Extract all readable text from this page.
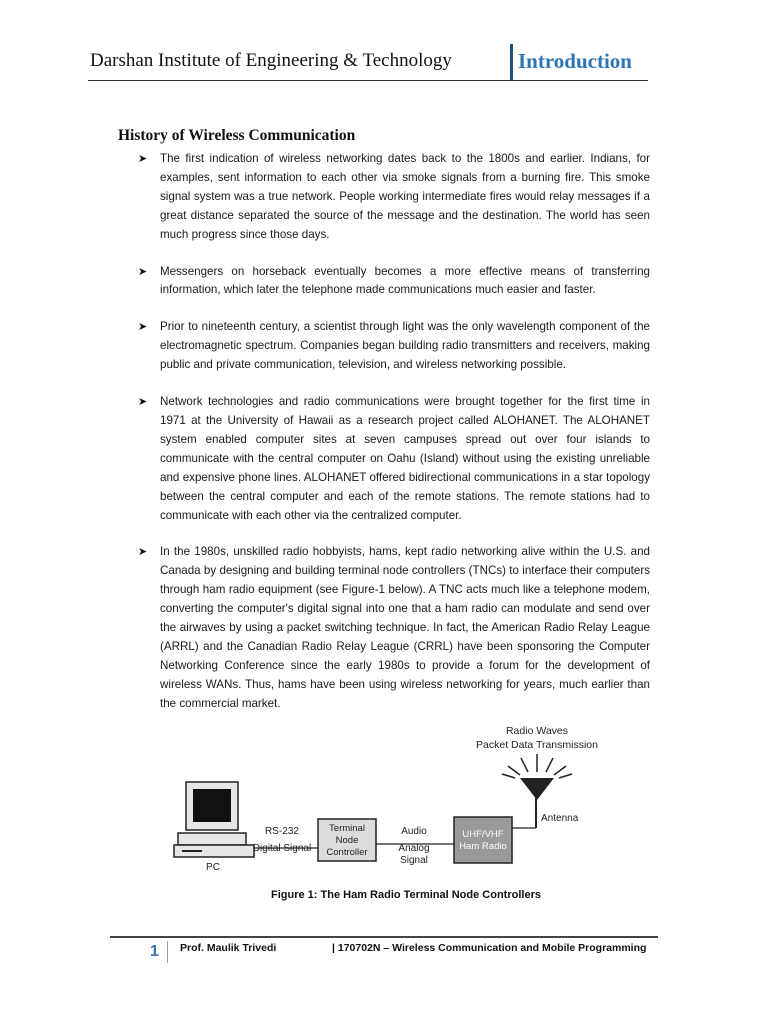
Darshan Institute of Engineering & Technology	Introduction
History of Wireless Communication
➤ The first indication of wireless networking dates back to the 1800s and earlier. Indians, for examples, sent information to each other via smoke signals from a burning fire. This smoke signal system was a true network. People working intermediate fires would relay messages if a great distance separated the source of the message and the destination. The world has seen much progress since those days.
➤ Messengers on horseback eventually becomes a more effective means of transferring information, which later the telephone made communications much easier and faster.
➤ Prior to nineteenth century, a scientist through light was the only wavelength component of the electromagnetic spectrum. Companies began building radio transmitters and receivers, making public and private communication, television, and wireless networking possible.
➤ Network technologies and radio communications were brought together for the first time in 1971 at the University of Hawaii as a research project called ALOHANET. The ALOHANET system enabled computer sites at seven campuses spread out over four islands to communicate with the central computer on Oahu (Island) without using the existing unreliable and expensive phone lines. ALOHANET offered bidirectional communications in a star topology between the central computer and each of the remote stations. The remote stations had to communicate with each other via the centralized computer.
➤ In the 1980s, unskilled radio hobbyists, hams, kept radio networking alive within the U.S. and Canada by designing and building terminal node controllers (TNCs) to interface their computers through ham radio equipment (see Figure-1 below). A TNC acts much like a telephone modem, converting the computer's digital signal into one that a ham radio can modulate and send over the airwaves by using a packet switching technique. In fact, the American Radio Relay League (ARRL) and the Canadian Radio Relay League (CRRL) have been sponsoring the Computer Networking Conference since the early 1980s to provide a forum for the development of wireless WANs. Thus, hams have been using wireless networking for years, much earlier than the commercial market.
PC
RS-232
Digital Signal
Terminal
Node
Controller
Audio
Analog
Signal
UHF/VHF
Ham Radio
Antenna
Radio Waves
Packet Data Transmission
Figure 1: The Ham Radio Terminal Node Controllers
1 Prof. Maulik Trivedi	| 170702N – Wireless Communication and Mobile Programming
